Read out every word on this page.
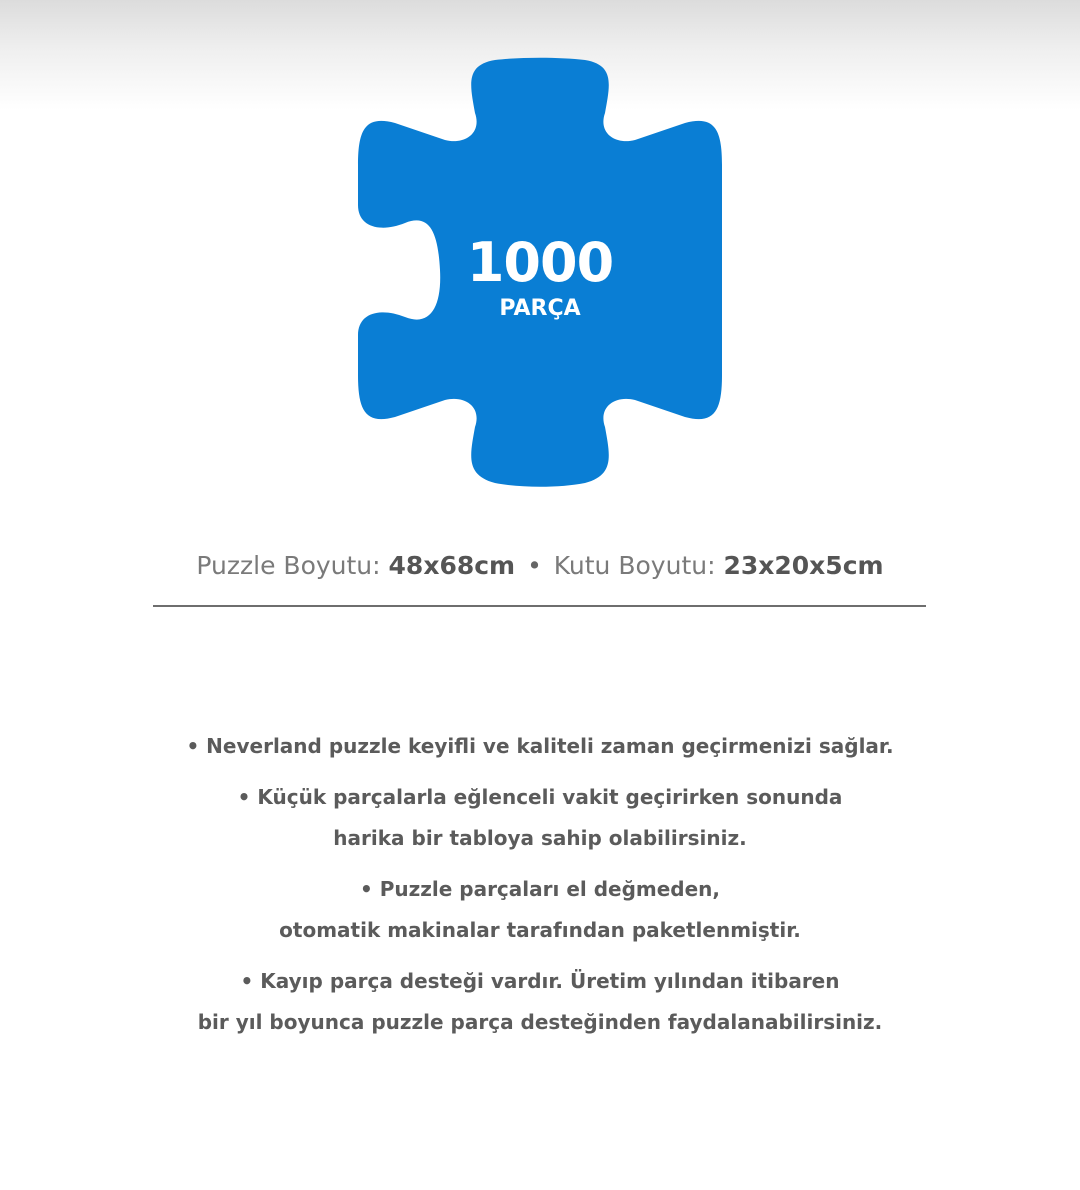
1000
PARÇA
Puzzle Boyutu: 48x68cm • Kutu Boyutu: 23x20x5cm
• Neverland puzzle keyifli ve kaliteli zaman geçirmenizi sağlar.
• Küçük parçalarla eğlenceli vakit geçirirken sonunda
harika bir tabloya sahip olabilirsiniz.
• Puzzle parçaları el değmeden,
otomatik makinalar tarafından paketlenmiştir.
• Kayıp parça desteği vardır. Üretim yılından itibaren
bir yıl boyunca puzzle parça desteğinden faydalanabilirsiniz.
